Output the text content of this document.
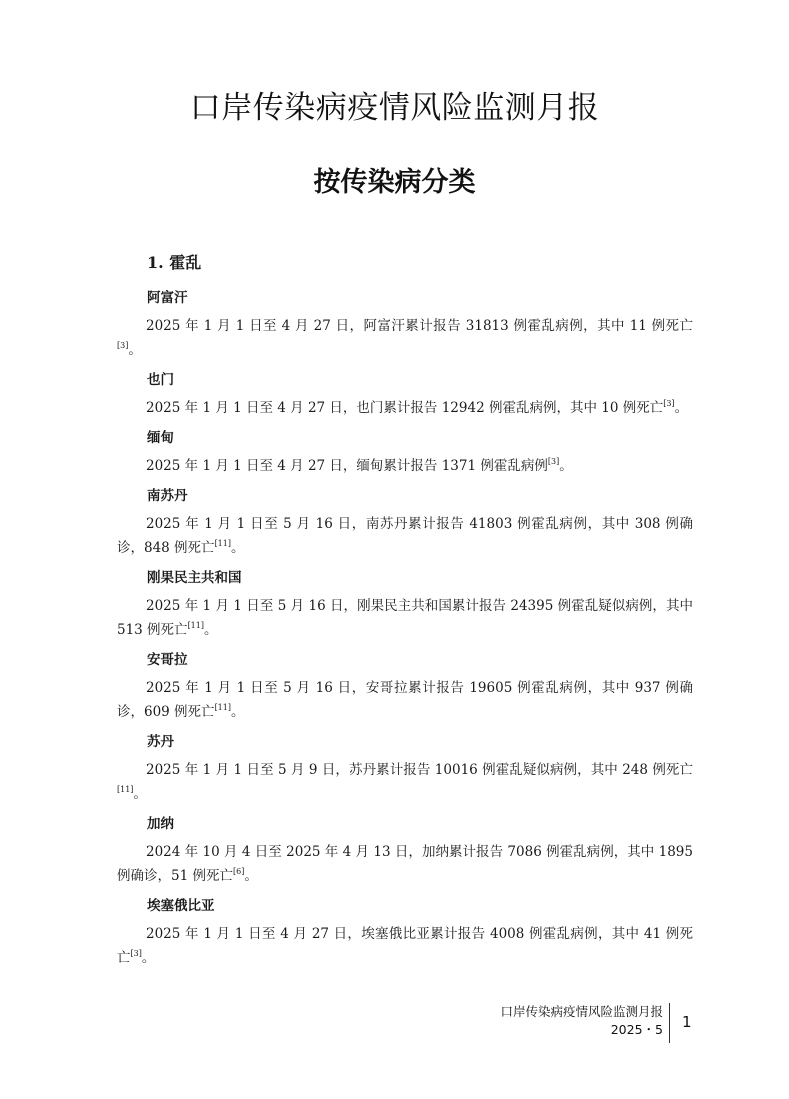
口岸传染病疫情风险监测月报
按传染病分类
1. 霍乱
阿富汗
2025 年 1 月 1 日至 4 月 27 日，阿富汗累计报告 31813 例霍乱病例，其中 11 例死亡[3]。
也门
2025 年 1 月 1 日至 4 月 27 日，也门累计报告 12942 例霍乱病例，其中 10 例死亡[3]。
缅甸
2025 年 1 月 1 日至 4 月 27 日，缅甸累计报告 1371 例霍乱病例[3]。
南苏丹
2025 年 1 月 1 日至 5 月 16 日，南苏丹累计报告 41803 例霍乱病例，其中 308 例确诊，848 例死亡[11]。
刚果民主共和国
2025 年 1 月 1 日至 5 月 16 日，刚果民主共和国累计报告 24395 例霍乱疑似病例，其中 513 例死亡[11]。
安哥拉
2025 年 1 月 1 日至 5 月 16 日，安哥拉累计报告 19605 例霍乱病例，其中 937 例确诊，609 例死亡[11]。
苏丹
2025 年 1 月 1 日至 5 月 9 日，苏丹累计报告 10016 例霍乱疑似病例，其中 248 例死亡[11]。
加纳
2024 年 10 月 4 日至 2025 年 4 月 13 日，加纳累计报告 7086 例霍乱病例，其中 1895 例确诊，51 例死亡[6]。
埃塞俄比亚
2025 年 1 月 1 日至 4 月 27 日，埃塞俄比亚累计报告 4008 例霍乱病例，其中 41 例死亡[3]。
口岸传染病疫情风险监测月报
2025・5 1
